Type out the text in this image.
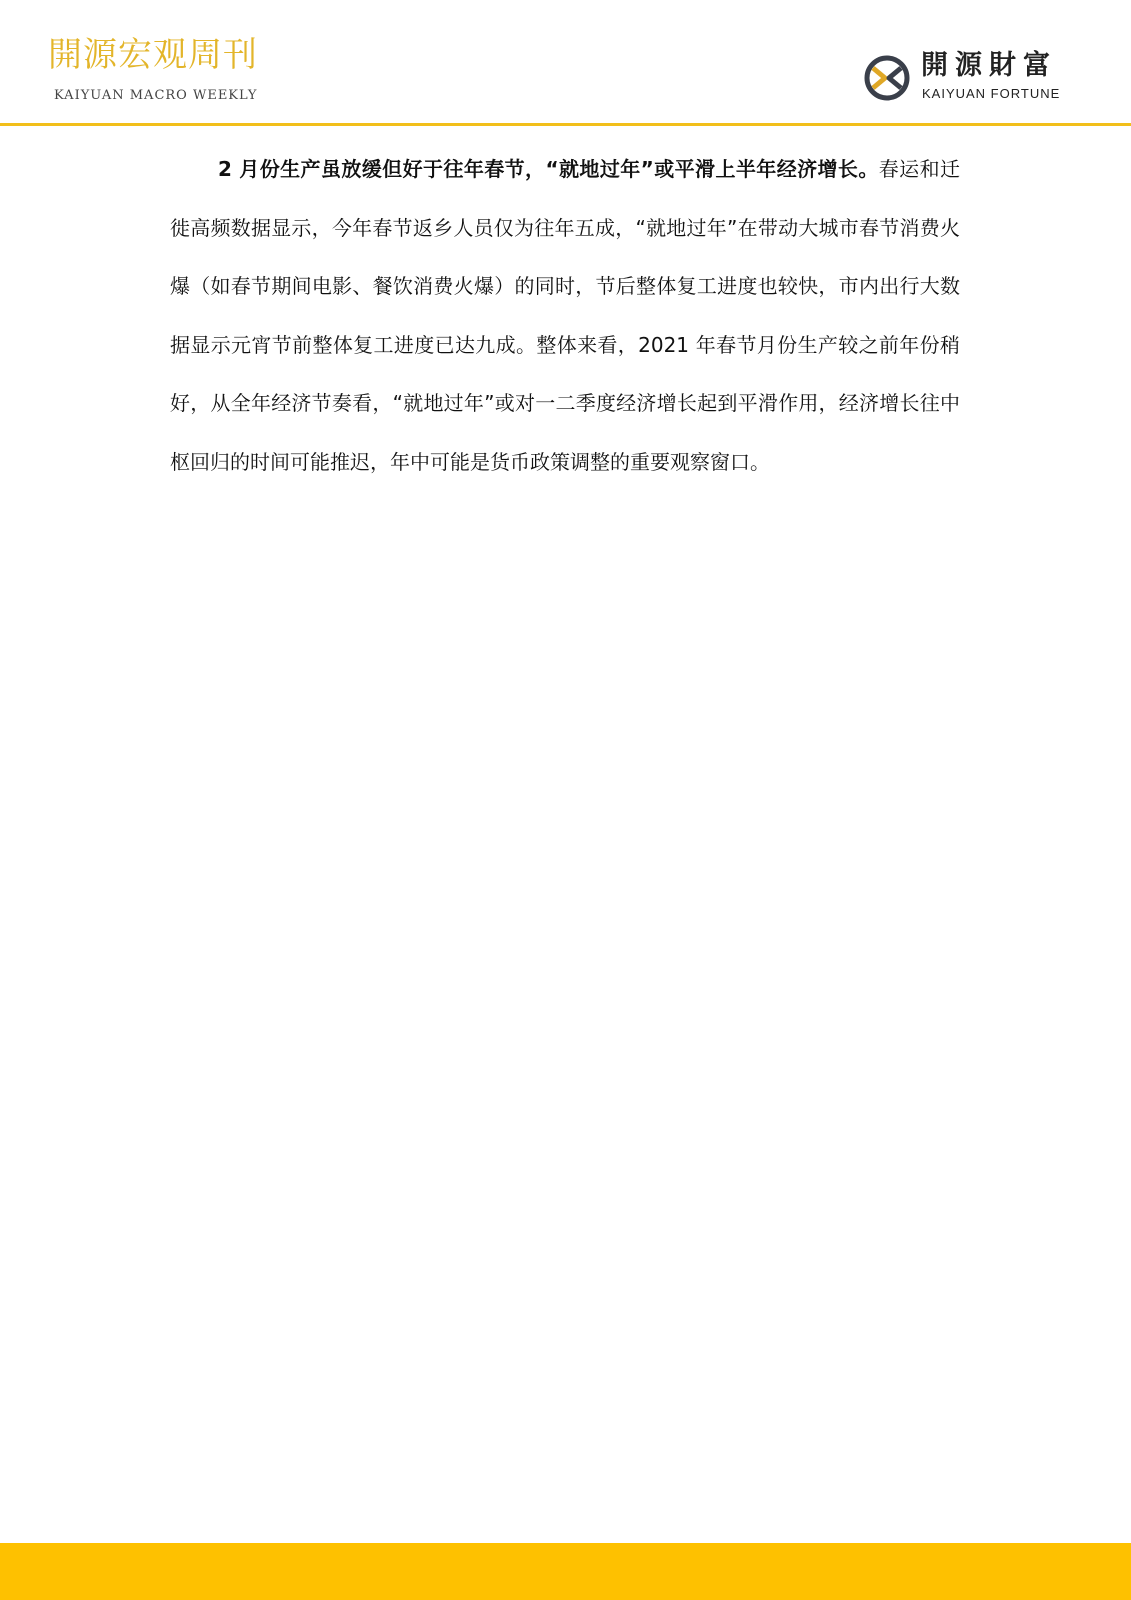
開源宏观周刊
KAIYUAN MACRO WEEKLY
開源財富
KAIYUAN FORTUNE

2 月份生产虽放缓但好于往年春节，“就地过年”或平滑上半年经济增长。春运和迁徙高频数据显示，今年春节返乡人员仅为往年五成，“就地过年”在带动大城市春节消费火爆（如春节期间电影、餐饮消费火爆）的同时，节后整体复工进度也较快，市内出行大数据显示元宵节前整体复工进度已达九成。整体来看，2021 年春节月份生产较之前年份稍好，从全年经济节奏看，“就地过年”或对一二季度经济增长起到平滑作用，经济增长往中枢回归的时间可能推迟，年中可能是货币政策调整的重要观察窗口。
